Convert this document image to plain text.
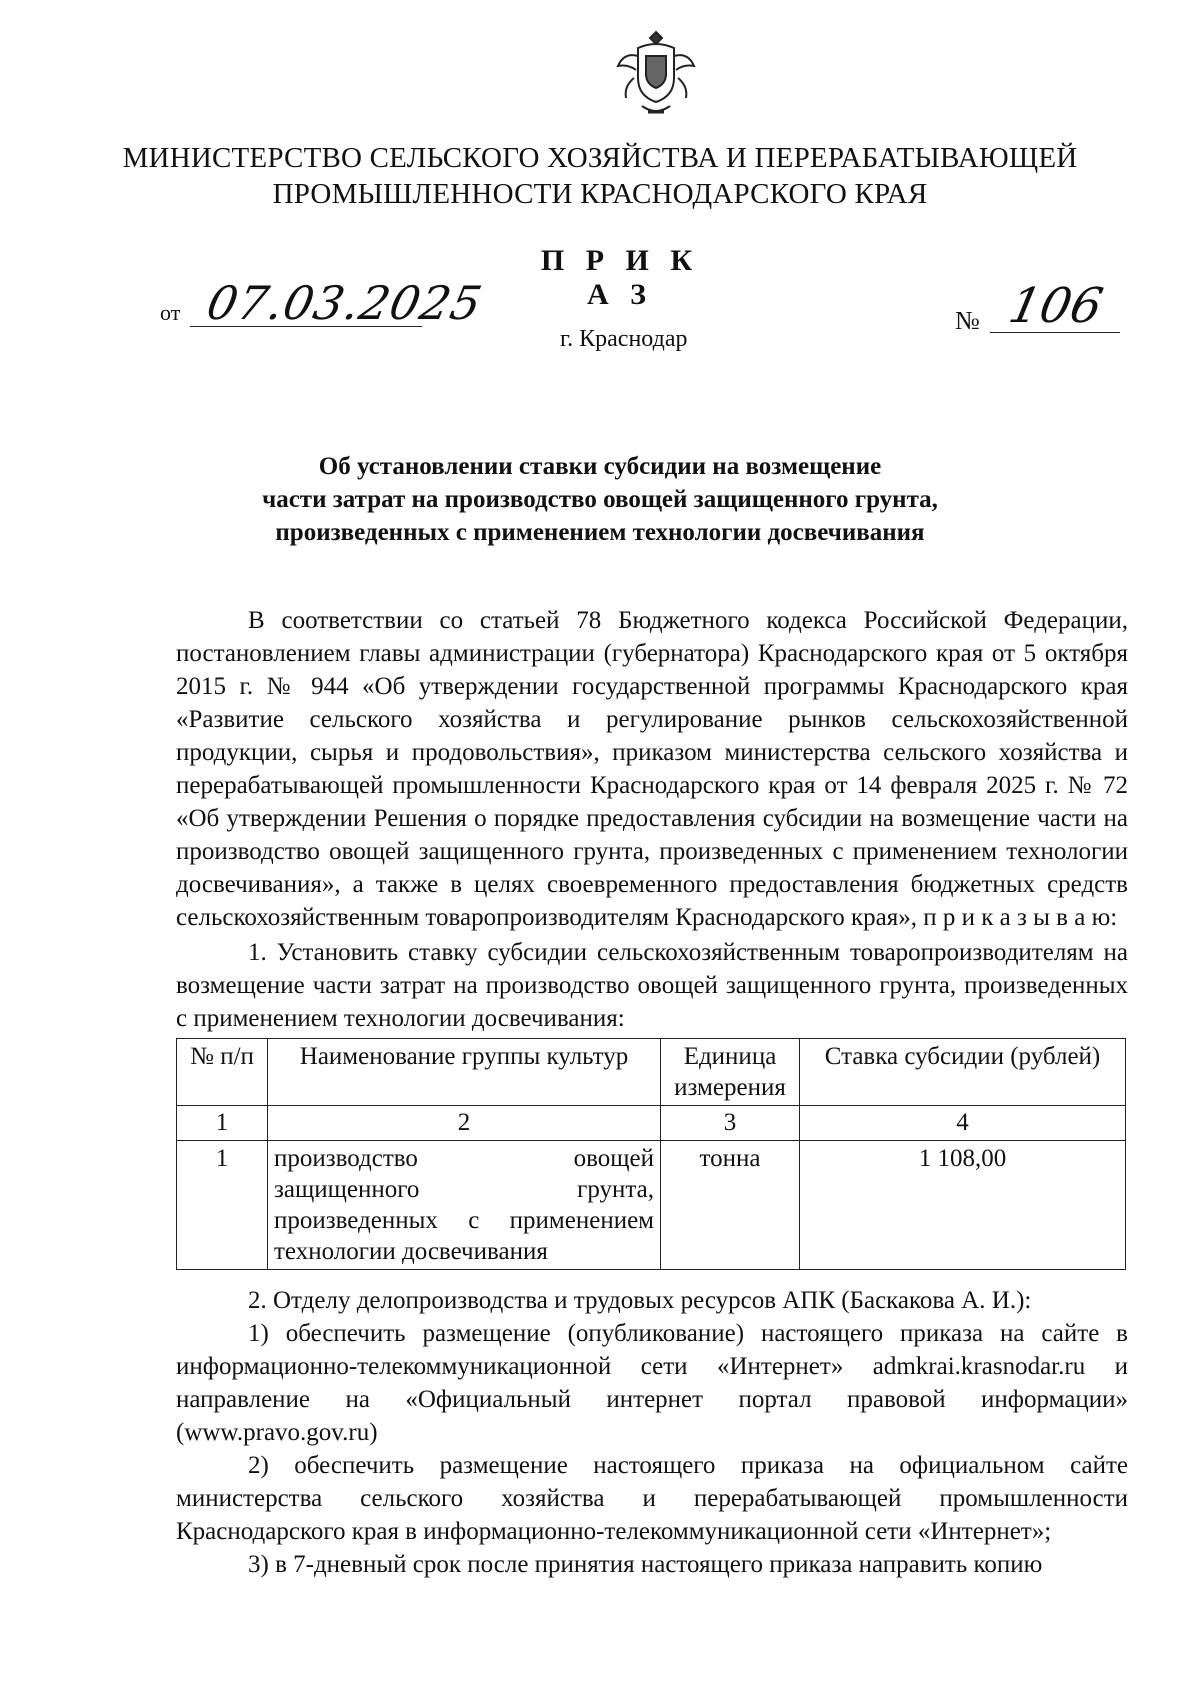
МИНИСТЕРСТВО СЕЛЬСКОГО ХОЗЯЙСТВА И ПЕРЕРАБАТЫВАЮЩЕЙ
ПРОМЫШЛЕННОСТИ КРАСНОДАРСКОГО КРАЯ
П Р И К А З
от 07.03.2025	№ 106
г. Краснодар
Об установлении ставки субсидии на возмещение
части затрат на производство овощей защищенного грунта,
произведенных с применением технологии досвечивания
В соответствии со статьей 78 Бюджетного кодекса Российской Федерации, постановлением главы администрации (губернатора) Краснодарского края от 5 октября 2015 г. № 944 «Об утверждении государственной программы Краснодарского края «Развитие сельского хозяйства и регулирование рынков сельскохозяйственной продукции, сырья и продовольствия», приказом министерства сельского хозяйства и перерабатывающей промышленности Краснодарского края от 14 февраля 2025 г. № 72 «Об утверждении Решения о порядке предоставления субсидии на возмещение части на производство овощей защищенного грунта, произведенных с применением технологии досвечивания», а также в целях своевременного предоставления бюджетных средств сельскохозяйственным товаропроизводителям Краснодарского края», п р и к а з ы в а ю:
1. Установить ставку субсидии сельскохозяйственным товаропроизводителям на возмещение части затрат на производство овощей защищенного грунта, произведенных с применением технологии досвечивания:
№ п/п	Наименование группы культур	Единица измерения	Ставка субсидии (рублей)
1	2	3	4
1	производство овощей защищенного грунта, произведенных с применением технологии досвечивания	тонна	1 108,00
2. Отделу делопроизводства и трудовых ресурсов АПК (Баскакова А. И.):
1) обеспечить размещение (опубликование) настоящего приказа на сайте в информационно-телекоммуникационной сети «Интернет» admkrai.krasnodar.ru и направление на «Официальный интернет портал правовой информации» (www.pravo.gov.ru)
2) обеспечить размещение настоящего приказа на официальном сайте министерства сельского хозяйства и перерабатывающей промышленности Краснодарского края в информационно-телекоммуникационной сети «Интернет»;
3) в 7-дневный срок после принятия настоящего приказа направить копию
